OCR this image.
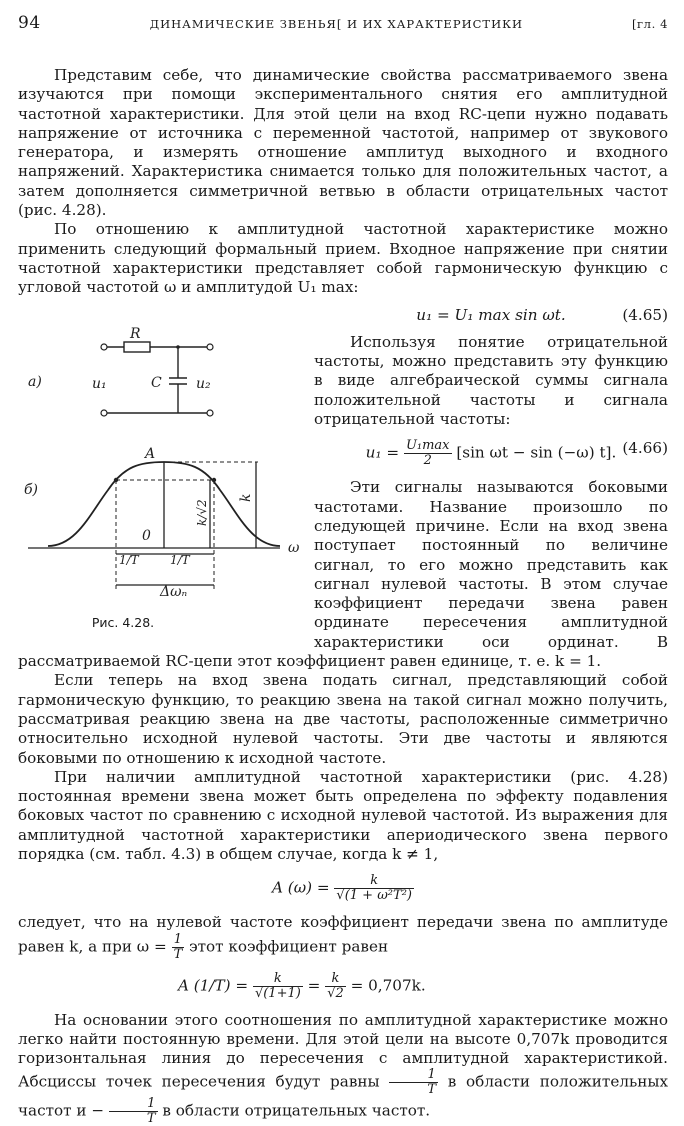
94	ДИНАМИЧЕСКИЕ ЗВЕНЬЯ[ И ИХ ХАРАКТЕРИСТИКИ	[гл. 4

Представим себе, что динамические свойства рассматриваемого звена изучаются при помощи экспериментального снятия его амплитудной частотной характеристики. Для этой цели на вход RC-цепи нужно подавать напряжение от источника с переменной частотой, например от звукового генератора, и измерять отношение амплитуд выходного и входного напряжений. Характеристика снимается только для положительных частот, а затем дополняется симметричной ветвью в области отрицательных частот (рис. 4.28).

По отношению к амплитудной частотной характеристике можно применить следующий формальный прием. Входное напряжение при снятии частотной характеристики представляет собой гармоническую функцию с угловой частотой ω и амплитудой U₁ max:

а)
R
C
u₁	u₂
б)
A
0
ω
k
k/√2
1/T	1/T
Δωₙ
Рис. 4.28.
u₁ = U₁ max sin ωt.	(4.65)

Используя понятие отрицательной частоты, можно представить эту функцию в виде алгебраической суммы сигнала положительной частоты и сигнала отрицательной частоты:

$u_1 = \frac{\text{U₁max}}{2} [\sin$ ωt − sin (−ω) t]. (4.66)

Эти сигналы называются боковыми частотами. Название произошло по следующей причине. Если на вход звена поступает постоянный по величине сигнал, то его можно представить как сигнал нулевой частоты. В этом случае коэффициент передачи звена равен ординате пересечения амплитудной характеристики оси ординат. В рассматриваемой RC-цепи этот коэффициент равен единице, т. е. k = 1.

Если теперь на вход звена подать сигнал, представляющий собой гармоническую функцию, то реакцию звена на такой сигнал можно получить, рассматривая реакцию звена на две частоты, расположенные симметрично относительно исходной нулевой частоты. Эти две частоты и являются боковыми по отношению к исходной частоте.

При наличии амплитудной частотной характеристики (рис. 4.28) постоянная времени звена может быть определена по эффекту подавления боковых частот по сравнению с исходной нулевой частотой. Из выражения для амплитудной частотной характеристики апериодического звена первого порядка (см. табл. 4.3) в общем случае, когда k ≠ 1,

A $(\omega) = \frac{k}{\text{√(1 + ω²T²)}}$

следует, что на нулевой частоте коэффициент передачи звена по амплитуде равен k, а при $\omega = \frac{1}{T}$ этот коэффициент равен

A $(1/T) = \frac{k}{√(1+1)} = \frac{k}{√2} = 0,707k$.

На основании этого соотношения по амплитудной характеристике можно легко найти постоянную времени. Для этой цели на высоте 0,707k проводится горизонтальная линия до пересечения с амплитудной характеристикой. Абсциссы точек пересечения будут равны $\frac{1}{T}$ в области положительных частот $и - \frac{1}{T}$ в области отрицательных частот.
